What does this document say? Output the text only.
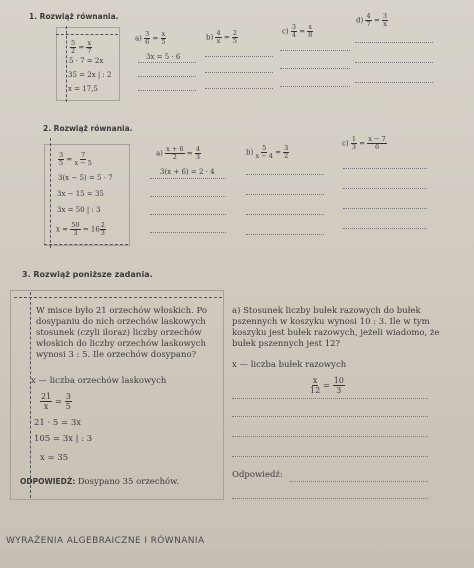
1. Rozwiąż równania.
$\frac{5}{2} = \frac{x}{7}$
5 · 7 = 2x
35 = 2x | : 2
x = 17,5
$a) \frac{3}{6} = \frac{x}{5}$	$b) \frac{4}{x} = \frac{2}{5}$	$c) \frac{3}{4} = \frac{x}{8}$
$d) \frac{4}{7} = \frac{3}{x}$
3x = 5 · 6
2. Rozwiąż równania.
$\frac{3}{5} = \frac{7}{x - 5}$
3(x − 5) = 5 · 7
3x − 15 = 35
3x = 50 | : 3
$x = \frac{50}{3} = 16 \frac{2}{3}$
$a) \frac{x + 6}{2} = \frac{4}{3}$	$b) \frac{5}{x - 4} = \frac{3}{2}$
$c) \frac{1}{3} = \frac{x - 7}{6}$
3(x + 6) = 2 · 4
3. Rozwiąż poniższe zadania.
W misce było 21 orzechów włoskich. Po dosypaniu do nich orzechów laskowych stosunek (czyli iloraz) liczby orzechów włoskich do liczby orzechów laskowych wynosi 3 : 5. Ile orzechów dosypano?
x — liczba orzechów laskowych
$\frac{21}{x} = \frac{3}{5}$
21 · 5 = 3x
105 = 3x | : 3
x = 35
ODPOWIEDŹ: Dosypano 35 orzechów.
a) Stosunek liczby bułek razowych do bułek pszennych w koszyku wynosi 10 : 3. Ile w tym koszyku jest bułek razowych, jeżeli wiadomo, że bułek pszennych jest 12?
x — liczba bułek razowych
$\frac{x}{12} = \frac{10}{3}$
Odpowiedź:
WYRAŻENIA ALGEBRAICZNE I RÓWNANIA
